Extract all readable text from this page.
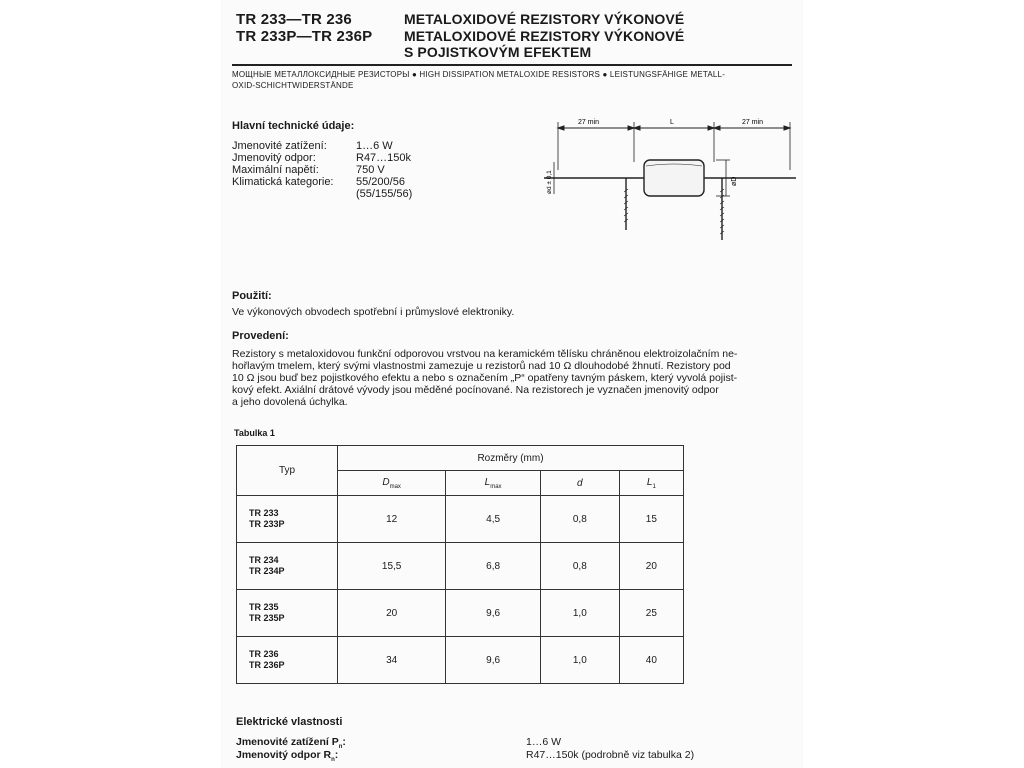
TR 233—TR 236
TR 233P—TR 236P
METALOXIDOVÉ REZISTORY VÝKONOVÉ
METALOXIDOVÉ REZISTORY VÝKONOVÉ
S POJISTKOVÝM EFEKTEM
МОЩНЫЕ МЕТАЛЛОКСИДНЫЕ РЕЗИСТОРЫ ● HIGH DISSIPATION METALOXIDE RESISTORS ● LEISTUNGSFÄHIGE METALL-
OXID-SCHICHTWIDERSTÄNDE
Hlavní technické údaje:
Jmenovité zatížení:	1…6 W
Jmenovitý odpor:	R47…150k
Maximální napětí:	750 V
Klimatická kategorie: 55/200/56
(55/155/56)
27 min	L	27 min
ød ± 0,1	øD
Použití:
Ve výkonových obvodech spotřební i průmyslové elektroniky.
Provedení:
Rezistory s metaloxidovou funkční odporovou vrstvou na keramickém tělísku chráněnou elektroizolačním ne-
hořlavým tmelem, který svými vlastnostmi zamezuje u rezistorů nad 10 Ω dlouhodobé žhnutí. Rezistory pod
10 Ω jsou buď bez pojistkového efektu a nebo s označením „P“ opatřeny tavným páskem, který vyvolá pojist-
kový efekt. Axiální drátové vývody jsou měděné pocínované. Na rezistorech je vyznačen jmenovitý odpor
a jeho dovolená úchylka.
Tabulka 1
Typ	Rozměry (mm)			
	$D_{max}$	$L_{max}$	d	$L_1$

TR 233
TR 233P	12	4,5	0,8	15

TR 234
TR 234P	15,5	6,8	0,8	20

TR 235
TR 235P	20	9,6	1,0	25

TR 236
TR 236P	34	9,6	1,0	40
Elektrické vlastnosti
Jmenovité zatížení $P_n$:	1…6 W
Jmenovitý odpor $R_n$:	R47…150k (podrobně viz tabulka 2)
